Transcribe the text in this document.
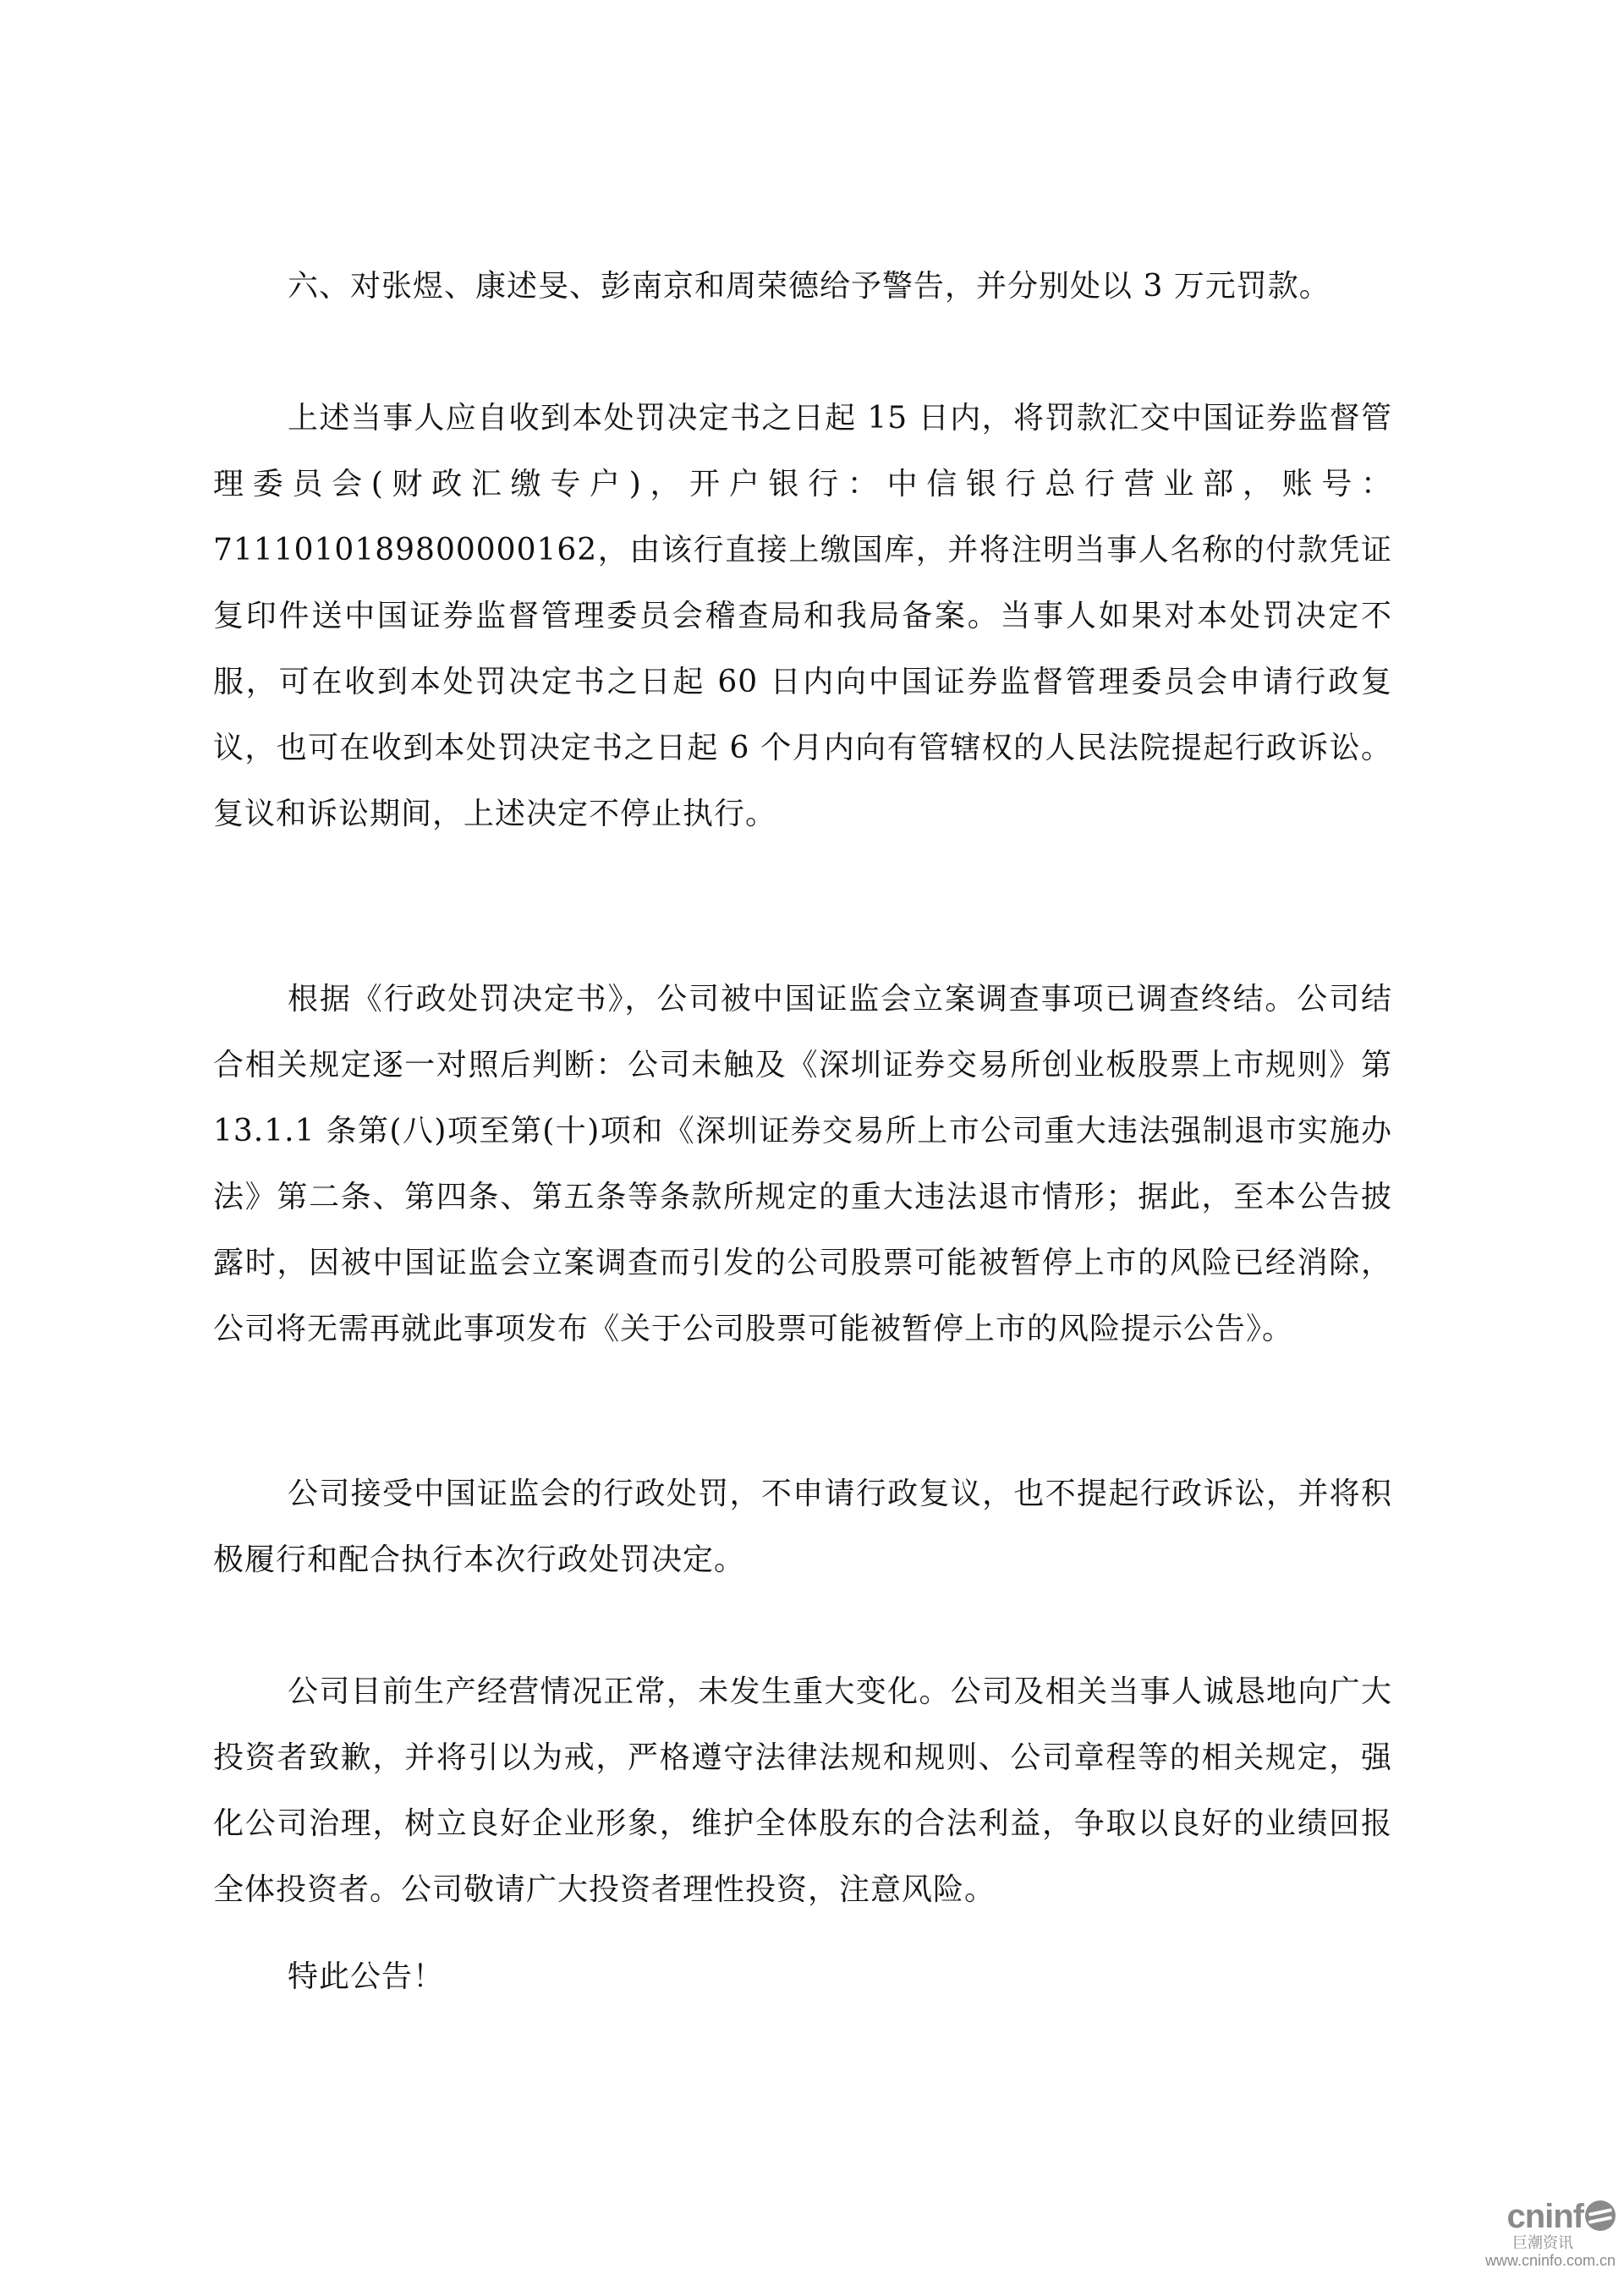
六、对张煜、康述旻、彭南京和周荣德给予警告，并分别处以 3 万元罚款。

上述当事人应自收到本处罚决定书之日起 15 日内，将罚款汇交中国证券监督管理委员会(财政汇缴专户)，开户银行：中信银行总行营业部，账号：7111010189800000162，由该行直接上缴国库，并将注明当事人名称的付款凭证复印件送中国证券监督管理委员会稽查局和我局备案。当事人如果对本处罚决定不服，可在收到本处罚决定书之日起 60 日内向中国证券监督管理委员会申请行政复议，也可在收到本处罚决定书之日起 6 个月内向有管辖权的人民法院提起行政诉讼。复议和诉讼期间，上述决定不停止执行。

根据《行政处罚决定书》，公司被中国证监会立案调查事项已调查终结。公司结合相关规定逐一对照后判断：公司未触及《深圳证券交易所创业板股票上市规则》第 13.1.1 条第(八)项至第(十)项和《深圳证券交易所上市公司重大违法强制退市实施办法》第二条、第四条、第五条等条款所规定的重大违法退市情形；据此，至本公告披露时，因被中国证监会立案调查而引发的公司股票可能被暂停上市的风险已经消除，公司将无需再就此事项发布《关于公司股票可能被暂停上市的风险提示公告》。

公司接受中国证监会的行政处罚，不申请行政复议，也不提起行政诉讼，并将积极履行和配合执行本次行政处罚决定。

公司目前生产经营情况正常，未发生重大变化。公司及相关当事人诚恳地向广大投资者致歉，并将引以为戒，严格遵守法律法规和规则、公司章程等的相关规定，强化公司治理，树立良好企业形象，维护全体股东的合法利益，争取以良好的业绩回报全体投资者。公司敬请广大投资者理性投资，注意风险。

特此公告！

cninf
巨潮资讯
www.cninfo.com.cn
